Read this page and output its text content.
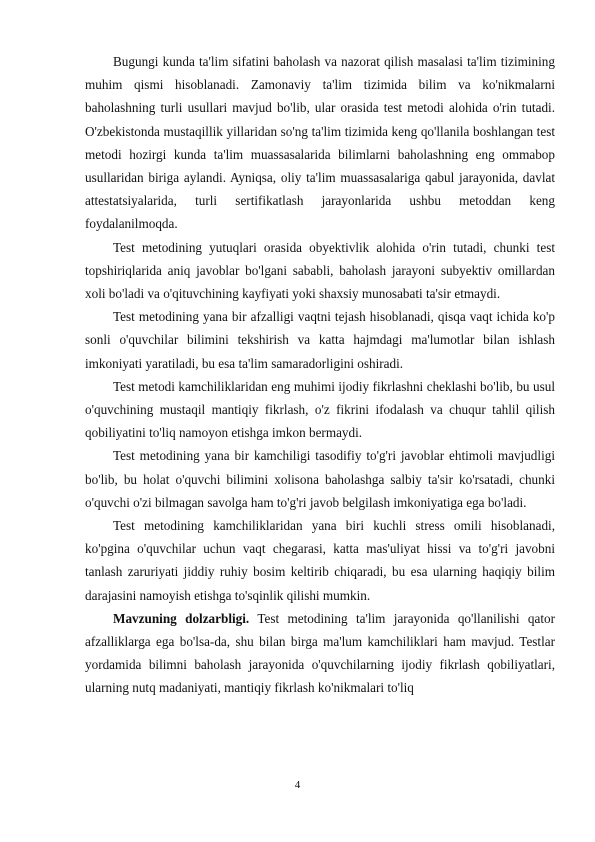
Bugungi kunda ta'lim sifatini baholash va nazorat qilish masalasi ta'lim tizimining muhim qismi hisoblanadi. Zamonaviy ta'lim tizimida bilim va ko'nikmalarni baholashning turli usullari mavjud bo'lib, ular orasida test metodi alohida o'rin tutadi. O'zbekistonda mustaqillik yillaridan so'ng ta'lim tizimida keng qo'llanila boshlangan test metodi hozirgi kunda ta'lim muassasalarida bilimlarni baholashning eng ommabop usullaridan biriga aylandi. Ayniqsa, oliy ta'lim muassasalariga qabul jarayonida, davlat attestatsiyalarida, turli sertifikatlash jarayonlarida ushbu metoddan keng foydalanilmoqda.

Test metodining yutuqlari orasida obyektivlik alohida o'rin tutadi, chunki test topshiriqlarida aniq javoblar bo'lgani sababli, baholash jarayoni subyektiv omillardan xoli bo'ladi va o'qituvchining kayfiyati yoki shaxsiy munosabati ta'sir etmaydi.

Test metodining yana bir afzalligi vaqtni tejash hisoblanadi, qisqa vaqt ichida ko'p sonli o'quvchilar bilimini tekshirish va katta hajmdagi ma'lumotlar bilan ishlash imkoniyati yaratiladi, bu esa ta'lim samaradorligini oshiradi.

Test metodi kamchiliklaridan eng muhimi ijodiy fikrlashni cheklashi bo'lib, bu usul o'quvchining mustaqil mantiqiy fikrlash, o'z fikrini ifodalash va chuqur tahlil qilish qobiliyatini to'liq namoyon etishga imkon bermaydi.

Test metodining yana bir kamchiligi tasodifiy to'g'ri javoblar ehtimoli mavjudligi bo'lib, bu holat o'quvchi bilimini xolisona baholashga salbiy ta'sir ko'rsatadi, chunki o'quvchi o'zi bilmagan savolga ham to'g'ri javob belgilash imkoniyatiga ega bo'ladi.

Test metodining kamchiliklaridan yana biri kuchli stress omili hisoblanadi, ko'pgina o'quvchilar uchun vaqt chegarasi, katta mas'uliyat hissi va to'g'ri javobni tanlash zaruriyati jiddiy ruhiy bosim keltirib chiqaradi, bu esa ularning haqiqiy bilim darajasini namoyish etishga to'sqinlik qilishi mumkin.

Mavzuning dolzarbligi. Test metodining ta'lim jarayonida qo'llanilishi qator afzalliklarga ega bo'lsa-da, shu bilan birga ma'lum kamchiliklari ham mavjud. Testlar yordamida bilimni baholash jarayonida o'quvchilarning ijodiy fikrlash qobiliyatlari, ularning nutq madaniyati, mantiqiy fikrlash ko'nikmalari to'liq

4
